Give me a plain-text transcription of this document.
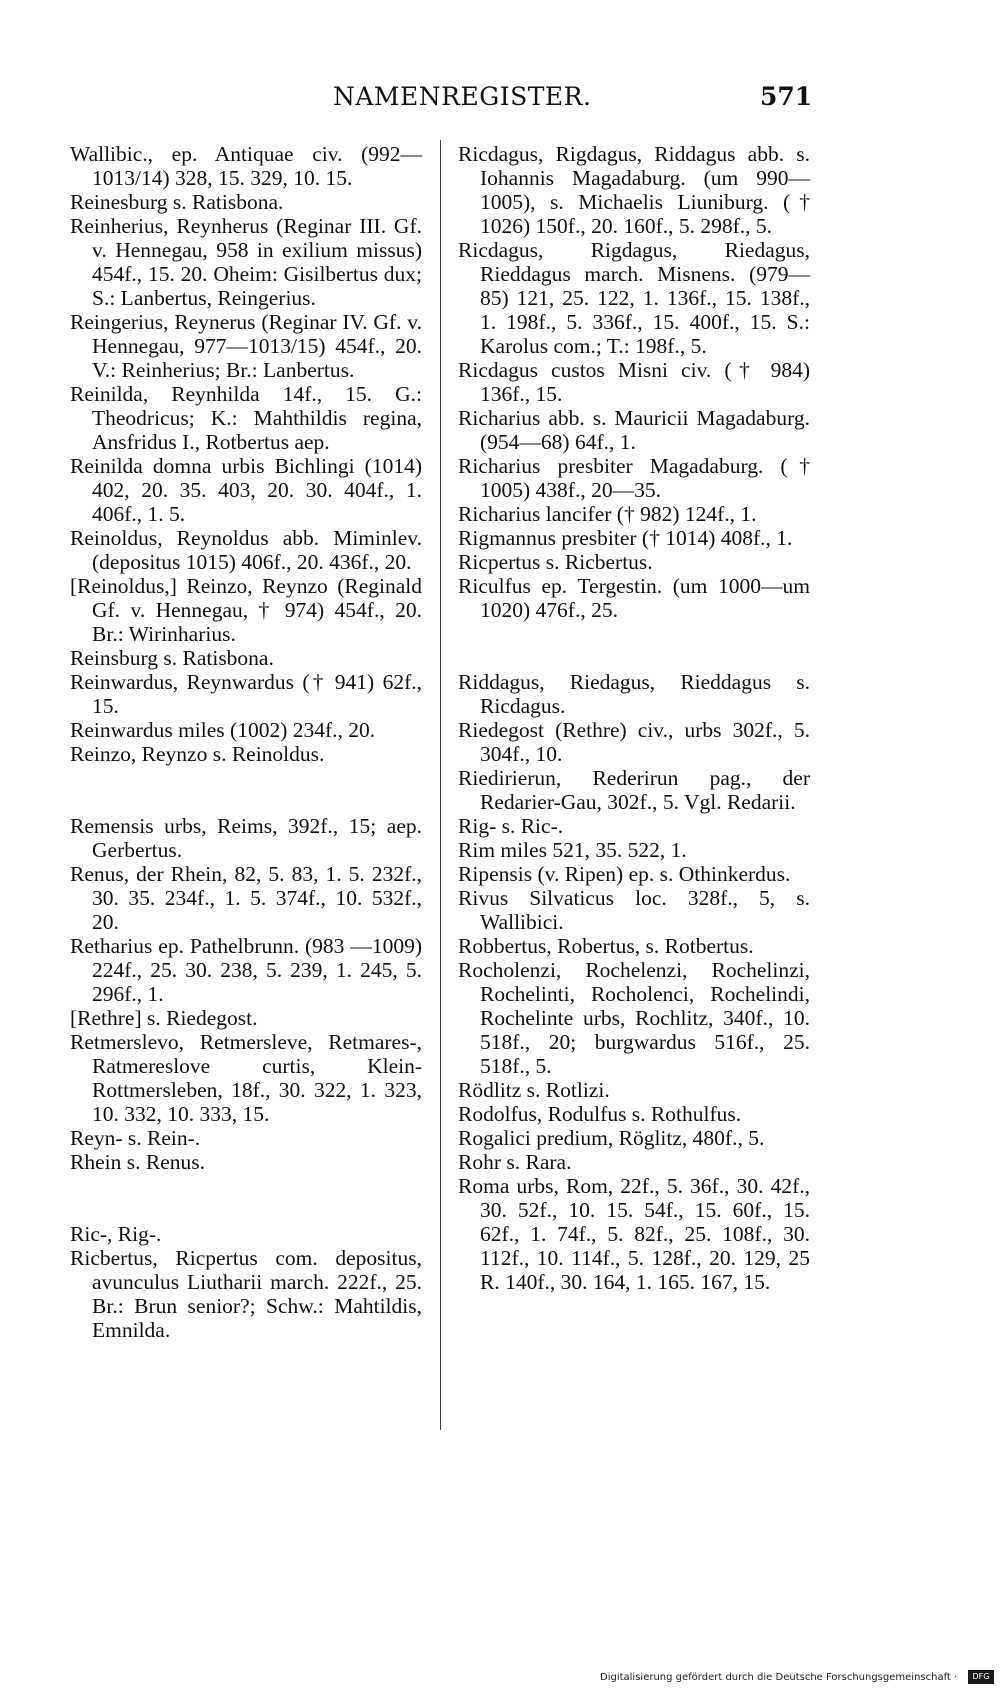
NAMENREGISTER.	571
Wallibic., ep. Antiquae civ. (992—1013/14) 328, 15. 329, 10. 15.
Reinesburg s. Ratisbona.
Reinherius, Reynherus (Reginar III. Gf. v. Hennegau, 958 in exilium missus) 454f., 15. 20. Oheim: Gisilbertus dux; S.: Lanbertus, Reingerius.
Reingerius, Reynerus (Reginar IV. Gf. v. Hennegau, 977—1013/15) 454f., 20. V.: Reinherius; Br.: Lanbertus.
Reinilda, Reynhilda 14f., 15. G.: Theodricus; K.: Mahthildis regina, Ansfridus I., Rotbertus aep.
Reinilda domna urbis Bichlingi (1014) 402, 20. 35. 403, 20. 30. 404f., 1. 406f., 1. 5.
Reinoldus, Reynoldus abb. Miminlev. (depositus 1015) 406f., 20. 436f., 20.
[Reinoldus,] Reinzo, Reynzo (Reginald Gf. v. Hennegau, † 974) 454f., 20. Br.: Wirinharius.
Reinsburg s. Ratisbona.
Reinwardus, Reynwardus († 941) 62f., 15.
Reinwardus miles (1002) 234f., 20.
Reinzo, Reynzo s. Reinoldus.
Remensis urbs, Reims, 392f., 15; aep. Gerbertus.
Renus, der Rhein, 82, 5. 83, 1. 5. 232f., 30. 35. 234f., 1. 5. 374f., 10. 532f., 20.
Retharius ep. Pathelbrunn. (983 —1009) 224f., 25. 30. 238, 5. 239, 1. 245, 5. 296f., 1.
[Rethre] s. Riedegost.
Retmerslevo, Retmersleve, Retmares-, Ratmereslove curtis, Klein-Rottmersleben, 18f., 30. 322, 1. 323, 10. 332, 10. 333, 15.
Reyn- s. Rein-.
Rhein s. Renus.
Ric-, Rig-.
Ricbertus, Ricpertus com. depositus, avunculus Liutharii march. 222f., 25. Br.: Brun senior?; Schw.: Mahtildis, Emnilda.
Ricdagus, Rigdagus, Riddagus abb. s. Iohannis Magadaburg. (um 990—1005), s. Michaelis Liuniburg. († 1026) 150f., 20. 160f., 5. 298f., 5.
Ricdagus, Rigdagus, Riedagus, Rieddagus march. Misnens. (979—85) 121, 25. 122, 1. 136f., 15. 138f., 1. 198f., 5. 336f., 15. 400f., 15. S.: Karolus com.; T.: 198f., 5.
Ricdagus custos Misni civ. († 984) 136f., 15.
Richarius abb. s. Mauricii Magadaburg. (954—68) 64f., 1.
Richarius presbiter Magadaburg. († 1005) 438f., 20—35.
Richarius lancifer († 982) 124f., 1.
Rigmannus presbiter († 1014) 408f., 1.
Ricpertus s. Ricbertus.
Riculfus ep. Tergestin. (um 1000—um 1020) 476f., 25.
Riddagus, Riedagus, Rieddagus s. Ricdagus.
Riedegost (Rethre) civ., urbs 302f., 5. 304f., 10.
Riedirierun, Rederirun pag., der Redarier-Gau, 302f., 5. Vgl. Redarii.
Rig- s. Ric-.
Rim miles 521, 35. 522, 1.
Ripensis (v. Ripen) ep. s. Othinkerdus.
Rivus Silvaticus loc. 328f., 5, s. Wallibici.
Robbertus, Robertus, s. Rotbertus.
Rocholenzi, Rochelenzi, Rochelinzi, Rochelinti, Rocholenci, Rochelindi, Rochelinte urbs, Rochlitz, 340f., 10. 518f., 20; burgwardus 516f., 25. 518f., 5.
Rödlitz s. Rotlizi.
Rodolfus, Rodulfus s. Rothulfus.
Rogalici predium, Röglitz, 480f., 5.
Rohr s. Rara.
Roma urbs, Rom, 22f., 5. 36f., 30. 42f., 30. 52f., 10. 15. 54f., 15. 60f., 15. 62f., 1. 74f., 5. 82f., 25. 108f., 30. 112f., 10. 114f., 5. 128f., 20. 129, 25 R. 140f., 30. 164, 1. 165. 167, 15.
Digitalisierung gefördert durch die Deutsche Forschungsgemeinschaft ·	DFG
